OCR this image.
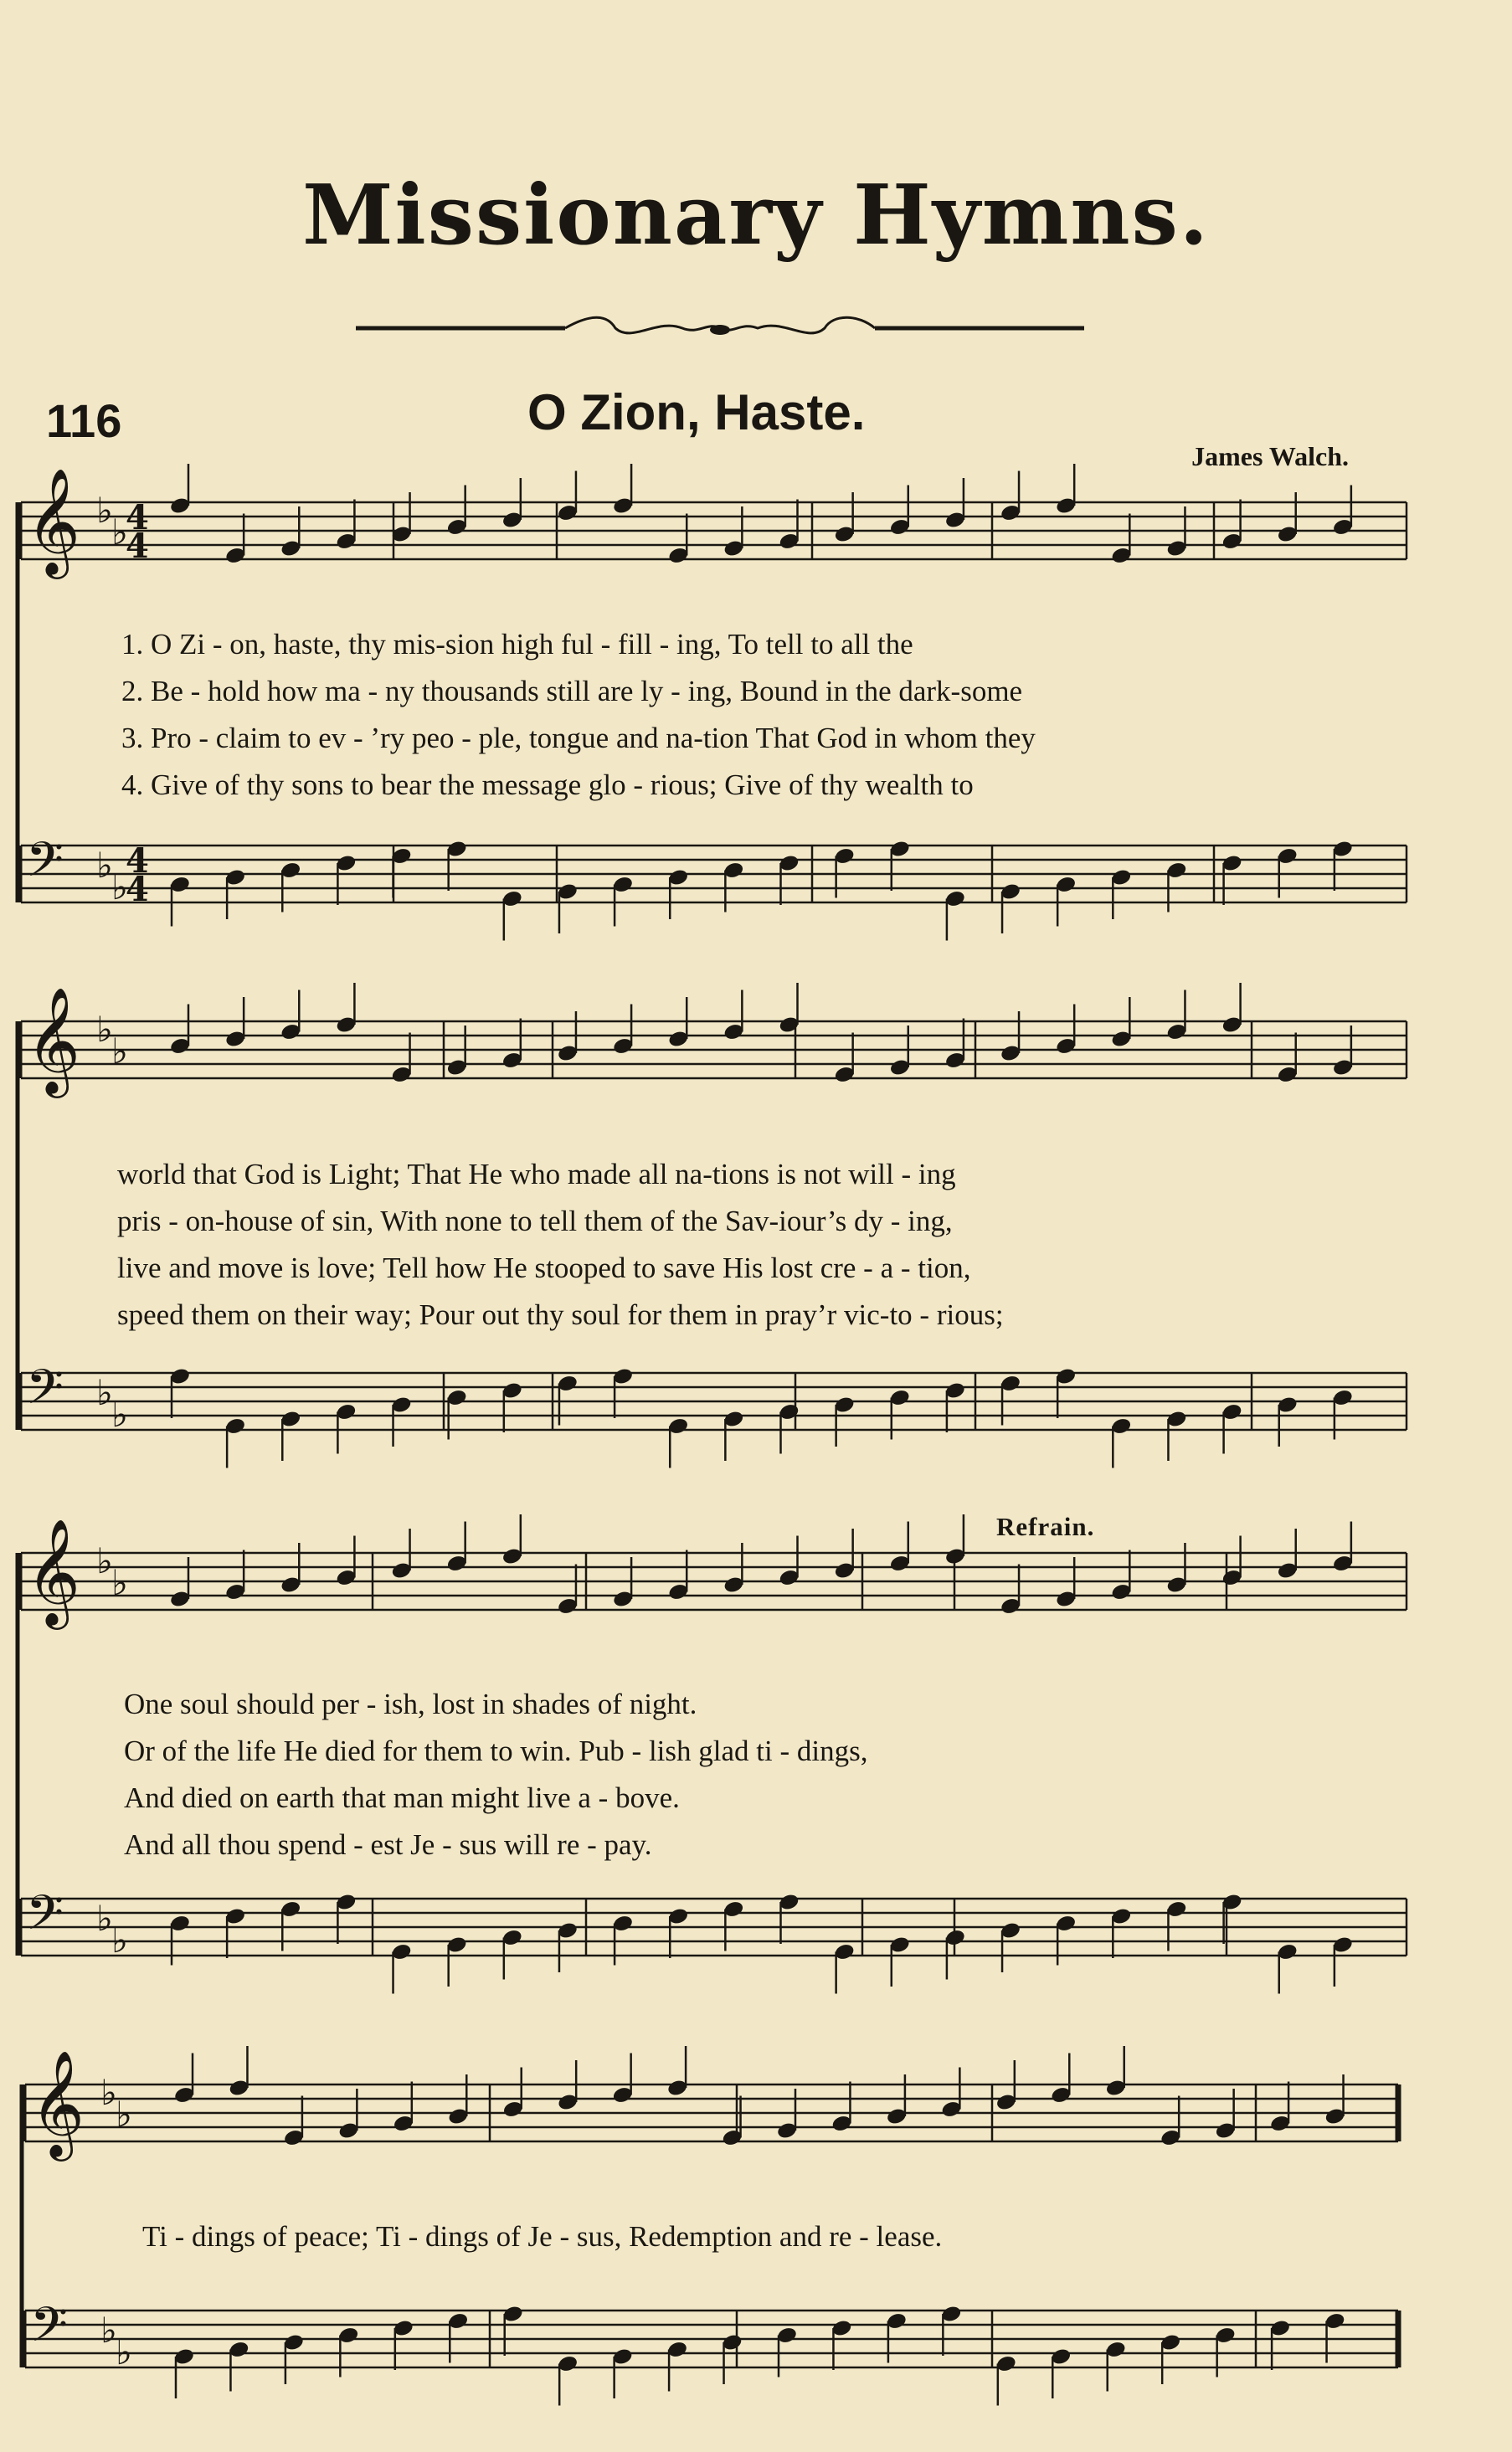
Missionary Hymns.
116	O Zion, Haste.
James Walch.
Refrain.
𝄞 ♭
♭
𝄢 ♭
♭
4
4
4
4
𝄞 ♭
♭
𝄢 ♭
♭
𝄞 ♭
♭
𝄢 ♭
♭
𝄞 ♭
♭
𝄢 ♭
♭
1. O Zi - on, haste, thy mis-sion high ful - fill - ing, To tell to all the
2. Be - hold how ma - ny thousands still are ly - ing, Bound in the dark-some
3. Pro - claim to ev - ’ry peo - ple, tongue and na-tion That God in whom they
4. Give of thy sons to bear the message glo - rious; Give of thy wealth to
world that God is Light; That He who made all na-tions is not will - ing
pris - on-house of sin, With none to tell them of the Sav-iour’s dy - ing,
live and move is love; Tell how He stooped to save His lost cre - a - tion,
speed them on their way; Pour out thy soul for them in pray’r vic-to - rious;
One soul should per - ish, lost in shades of night.
Or of the life He died for them to win. Pub - lish glad ti - dings,
And died on earth that man might live a - bove.
And all thou spend - est Je - sus will re - pay.
Ti - dings of peace; Ti - dings of Je - sus, Redemption and re - lease.
